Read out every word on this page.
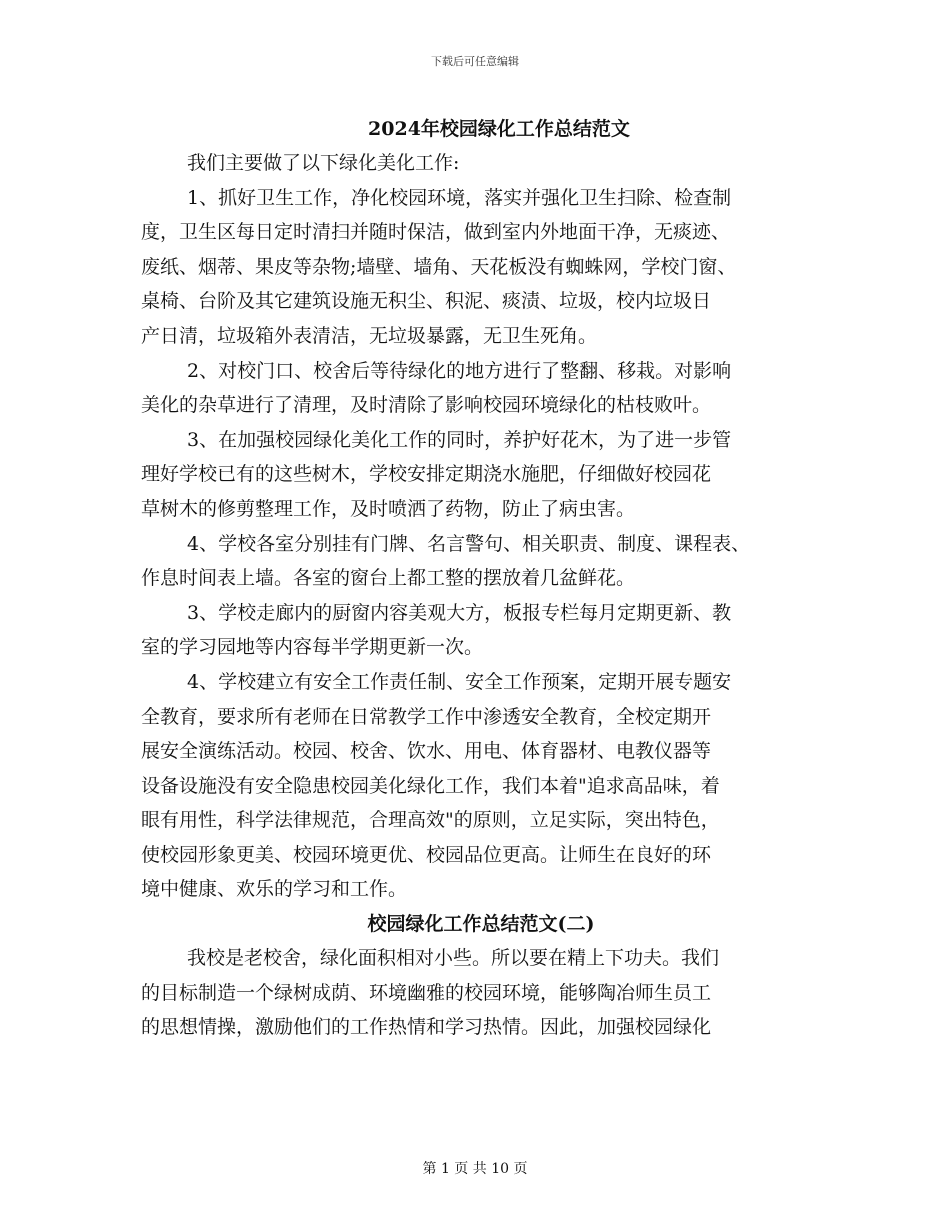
下载后可任意编辑
2024年校园绿化工作总结范文
我们主要做了以下绿化美化工作:
1、抓好卫生工作，净化校园环境，落实并强化卫生扫除、检查制
度，卫生区每日定时清扫并随时保洁，做到室内外地面干净，无痰迹、
废纸、烟蒂、果皮等杂物;墙壁、墙角、天花板没有蜘蛛网，学校门窗、
桌椅、台阶及其它建筑设施无积尘、积泥、痰渍、垃圾，校内垃圾日
产日清，垃圾箱外表清洁，无垃圾暴露，无卫生死角。
2、对校门口、校舍后等待绿化的地方进行了整翻、移栽。对影响
美化的杂草进行了清理，及时清除了影响校园环境绿化的枯枝败叶。
3、在加强校园绿化美化工作的同时，养护好花木，为了进一步管
理好学校已有的这些树木，学校安排定期浇水施肥，仔细做好校园花
草树木的修剪整理工作，及时喷洒了药物，防止了病虫害。
4、学校各室分别挂有门牌、名言警句、相关职责、制度、课程表、
作息时间表上墙。各室的窗台上都工整的摆放着几盆鲜花。
3、学校走廊内的厨窗内容美观大方，板报专栏每月定期更新、教
室的学习园地等内容每半学期更新一次。
4、学校建立有安全工作责任制、安全工作预案，定期开展专题安
全教育，要求所有老师在日常教学工作中渗透安全教育，全校定期开
展安全演练活动。校园、校舍、饮水、用电、体育器材、电教仪器等
设备设施没有安全隐患校园美化绿化工作，我们本着"追求高品味，着
眼有用性，科学法律规范，合理高效"的原则，立足实际，突出特色，
使校园形象更美、校园环境更优、校园品位更高。让师生在良好的环
境中健康、欢乐的学习和工作。
校园绿化工作总结范文(二)
我校是老校舍，绿化面积相对小些。所以要在精上下功夫。我们
的目标制造一个绿树成荫、环境幽雅的校园环境，能够陶冶师生员工
的思想情操，激励他们的工作热情和学习热情。因此，加强校园绿化
第 1 页 共 10 页
